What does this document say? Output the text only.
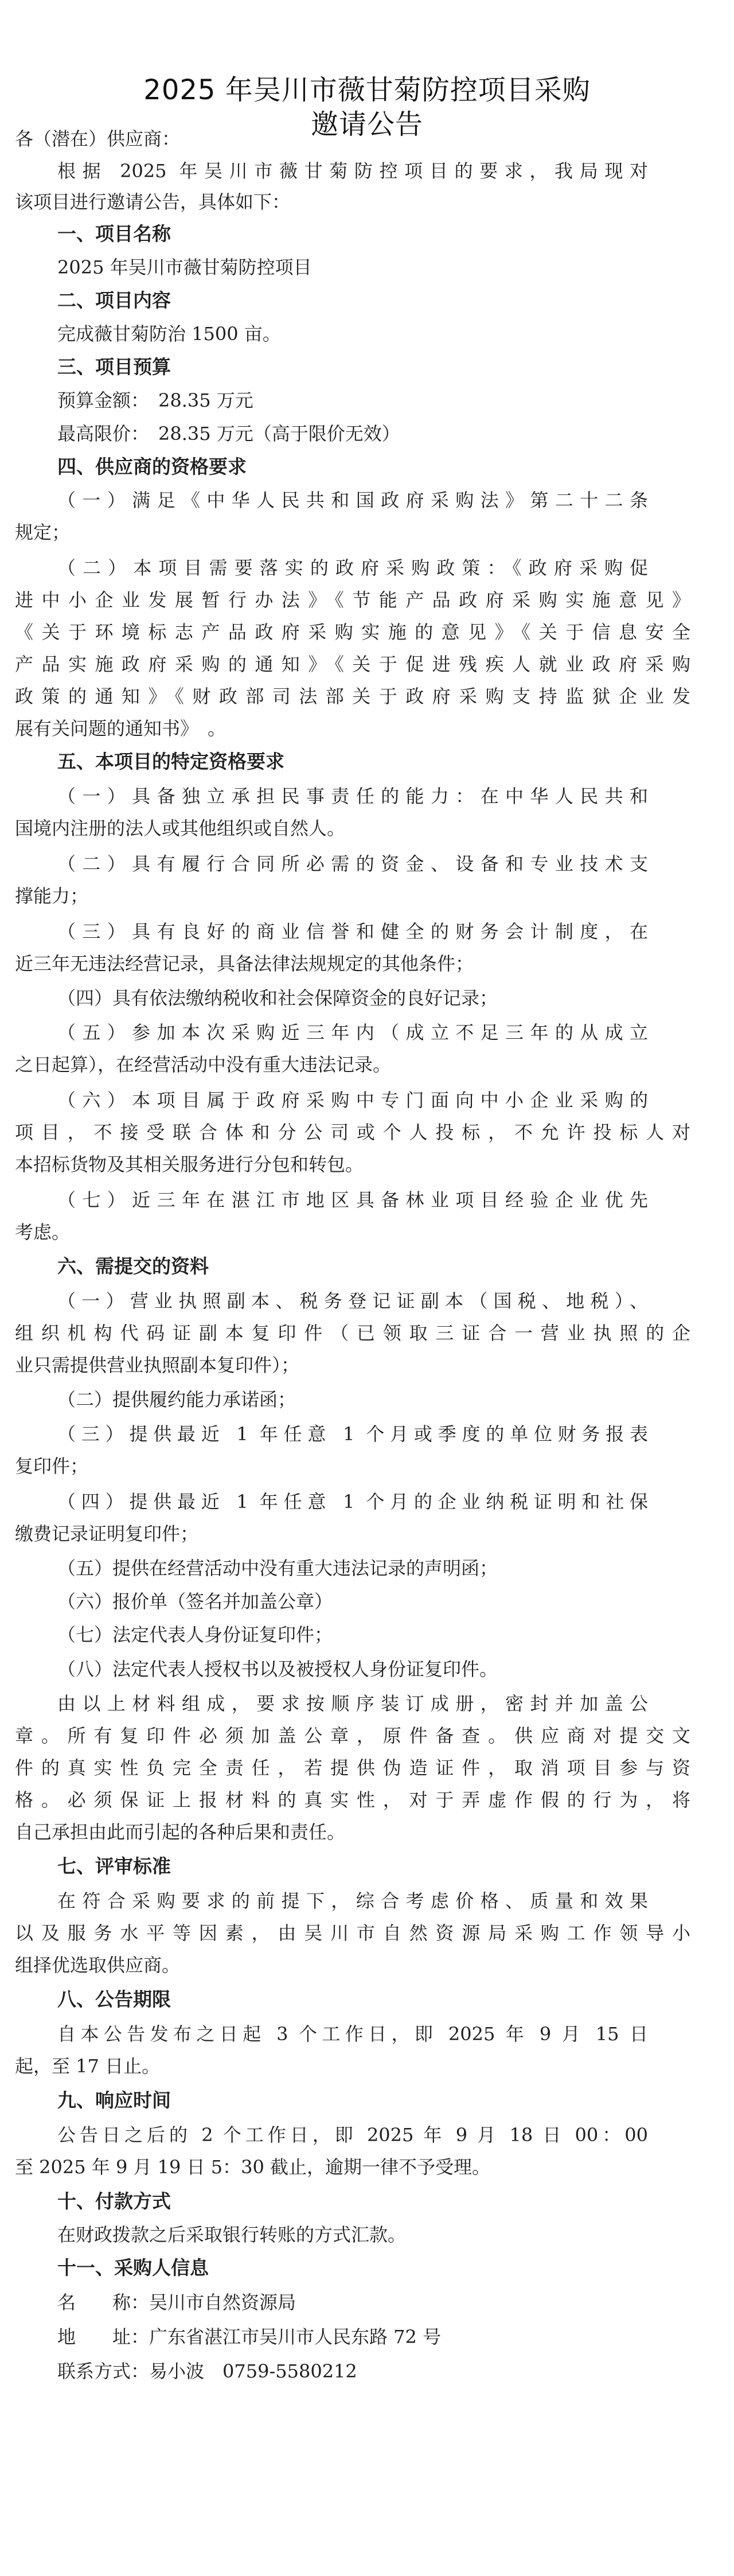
2025 年吴川市薇甘菊防控项目采购
邀请公告
各（潜在）供应商：
根据 2025 年吴川市薇甘菊防控项目的要求，我局现对
该项目进行邀请公告，具体如下：
一、项目名称
2025 年吴川市薇甘菊防控项目
二、项目内容
完成薇甘菊防治 1500 亩。
三、项目预算
预算金额：　28.35 万元
最高限价：　28.35 万元（高于限价无效）
四、供应商的资格要求
（一）满足《中华人民共和国政府采购法》第二十二条
规定；
（二）本项目需要落实的政府采购政策：《政府采购促
进中小企业发展暂行办法》《节能产品政府采购实施意见》
《关于环境标志产品政府采购实施的意见》《关于信息安全
产品实施政府采购的通知》《关于促进残疾人就业政府采购
政策的通知》《财政部司法部关于政府采购支持监狱企业发
展有关问题的通知书》　。
五、本项目的特定资格要求
（一）具备独立承担民事责任的能力：在中华人民共和
国境内注册的法人或其他组织或自然人。
（二）具有履行合同所必需的资金、设备和专业技术支
撑能力；
（三）具有良好的商业信誉和健全的财务会计制度，在
近三年无违法经营记录，具备法律法规规定的其他条件；
（四）具有依法缴纳税收和社会保障资金的良好记录；
（五）参加本次采购近三年内（成立不足三年的从成立
之日起算），在经营活动中没有重大违法记录。
（六）本项目属于政府采购中专门面向中小企业采购的
项目，不接受联合体和分公司或个人投标，不允许投标人对
本招标货物及其相关服务进行分包和转包。
（七）近三年在湛江市地区具备林业项目经验企业优先
考虑。
六、需提交的资料
（一）营业执照副本、税务登记证副本（国税、地税）、
组织机构代码证副本复印件（已领取三证合一营业执照的企
业只需提供营业执照副本复印件）；
（二）提供履约能力承诺函；
（三）提供最近 1 年任意 1 个月或季度的单位财务报表
复印件；
（四）提供最近 1 年任意 1 个月的企业纳税证明和社保
缴费记录证明复印件；
（五）提供在经营活动中没有重大违法记录的声明函；
（六）报价单（签名并加盖公章）
（七）法定代表人身份证复印件；
（八）法定代表人授权书以及被授权人身份证复印件。
由以上材料组成，要求按顺序装订成册，密封并加盖公
章。所有复印件必须加盖公章，原件备查。供应商对提交文
件的真实性负完全责任，若提供伪造证件，取消项目参与资
格。必须保证上报材料的真实性，对于弄虚作假的行为，将
自己承担由此而引起的各种后果和责任。
七、评审标准
在符合采购要求的前提下，综合考虑价格、质量和效果
以及服务水平等因素，由吴川市自然资源局采购工作领导小
组择优选取供应商。
八、公告期限
自本公告发布之日起 3 个工作日，即 2025 年 9 月 15 日
起，至 17 日止。
九、响应时间
公告日之后的 2 个工作日，即 2025 年 9 月 18 日 00：00
至 2025 年 9 月 19 日 5：30 截止，逾期一律不予受理。
十、付款方式
在财政拨款之后采取银行转账的方式汇款。
十一、采购人信息
名　　称：吴川市自然资源局
地　　址：广东省湛江市吴川市人民东路 72 号
联系方式：易小波　0759-5580212
